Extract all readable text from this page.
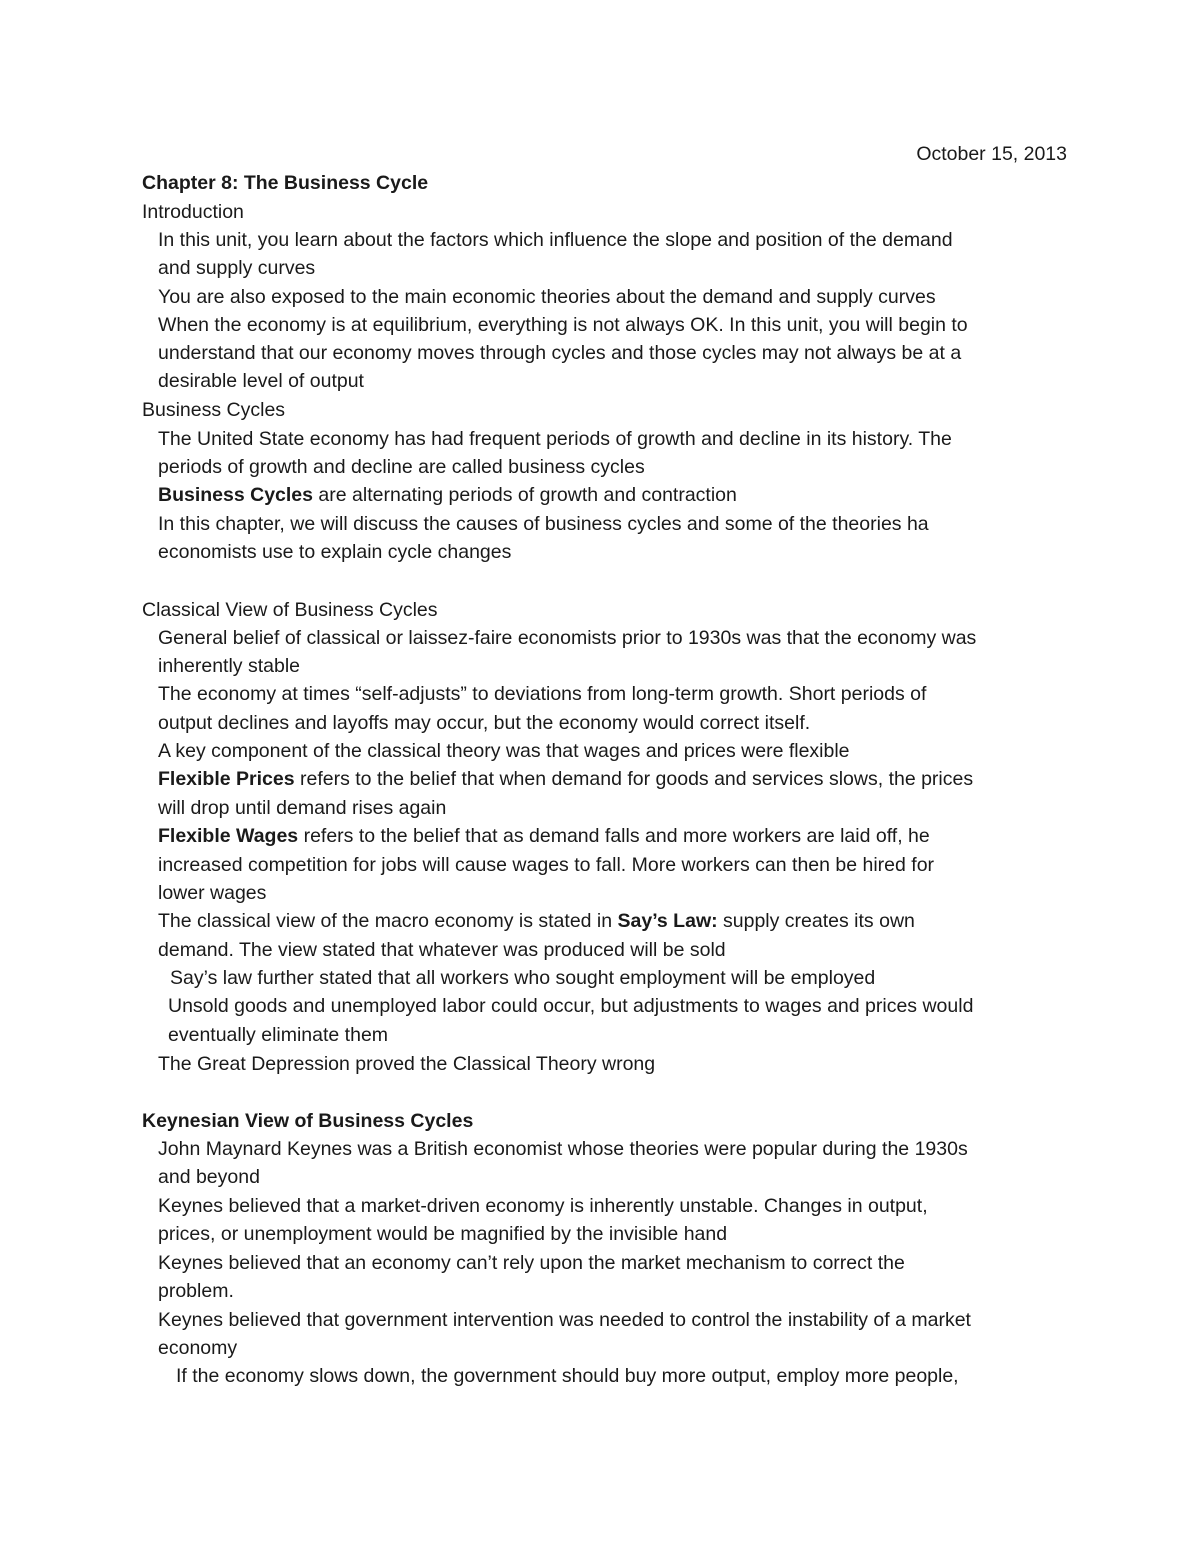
October 15, 2013
Chapter 8: The Business Cycle
Introduction
In this unit, you learn about the factors which influence the slope and position of the demand
and supply curves
You are also exposed to the main economic theories about the demand and supply curves
When the economy is at equilibrium, everything is not always OK. In this unit, you will begin to
understand that our economy moves through cycles and those cycles may not always be at a
desirable level of output
Business Cycles
The United State economy has had frequent periods of growth and decline in its history. The
periods of growth and decline are called business cycles
Business Cycles are alternating periods of growth and contraction
In this chapter, we will discuss the causes of business cycles and some of the theories ha
economists use to explain cycle changes
Classical View of Business Cycles
General belief of classical or laissez-faire economists prior to 1930s was that the economy was
inherently stable
The economy at times “self-adjusts” to deviations from long-term growth. Short periods of
output declines and layoffs may occur, but the economy would correct itself.
A key component of the classical theory was that wages and prices were flexible
Flexible Prices refers to the belief that when demand for goods and services slows, the prices
will drop until demand rises again
Flexible Wages refers to the belief that as demand falls and more workers are laid off, he
increased competition for jobs will cause wages to fall. More workers can then be hired for
lower wages
The classical view of the macro economy is stated in Say’s Law: supply creates its own
demand. The view stated that whatever was produced will be sold
Say’s law further stated that all workers who sought employment will be employed
Unsold goods and unemployed labor could occur, but adjustments to wages and prices would
eventually eliminate them
The Great Depression proved the Classical Theory wrong
Keynesian View of Business Cycles
John Maynard Keynes was a British economist whose theories were popular during the 1930s
and beyond
Keynes believed that a market-driven economy is inherently unstable. Changes in output,
prices, or unemployment would be magnified by the invisible hand
Keynes believed that an economy can’t rely upon the market mechanism to correct the
problem.
Keynes believed that government intervention was needed to control the instability of a market
economy
If the economy slows down, the government should buy more output, employ more people,
